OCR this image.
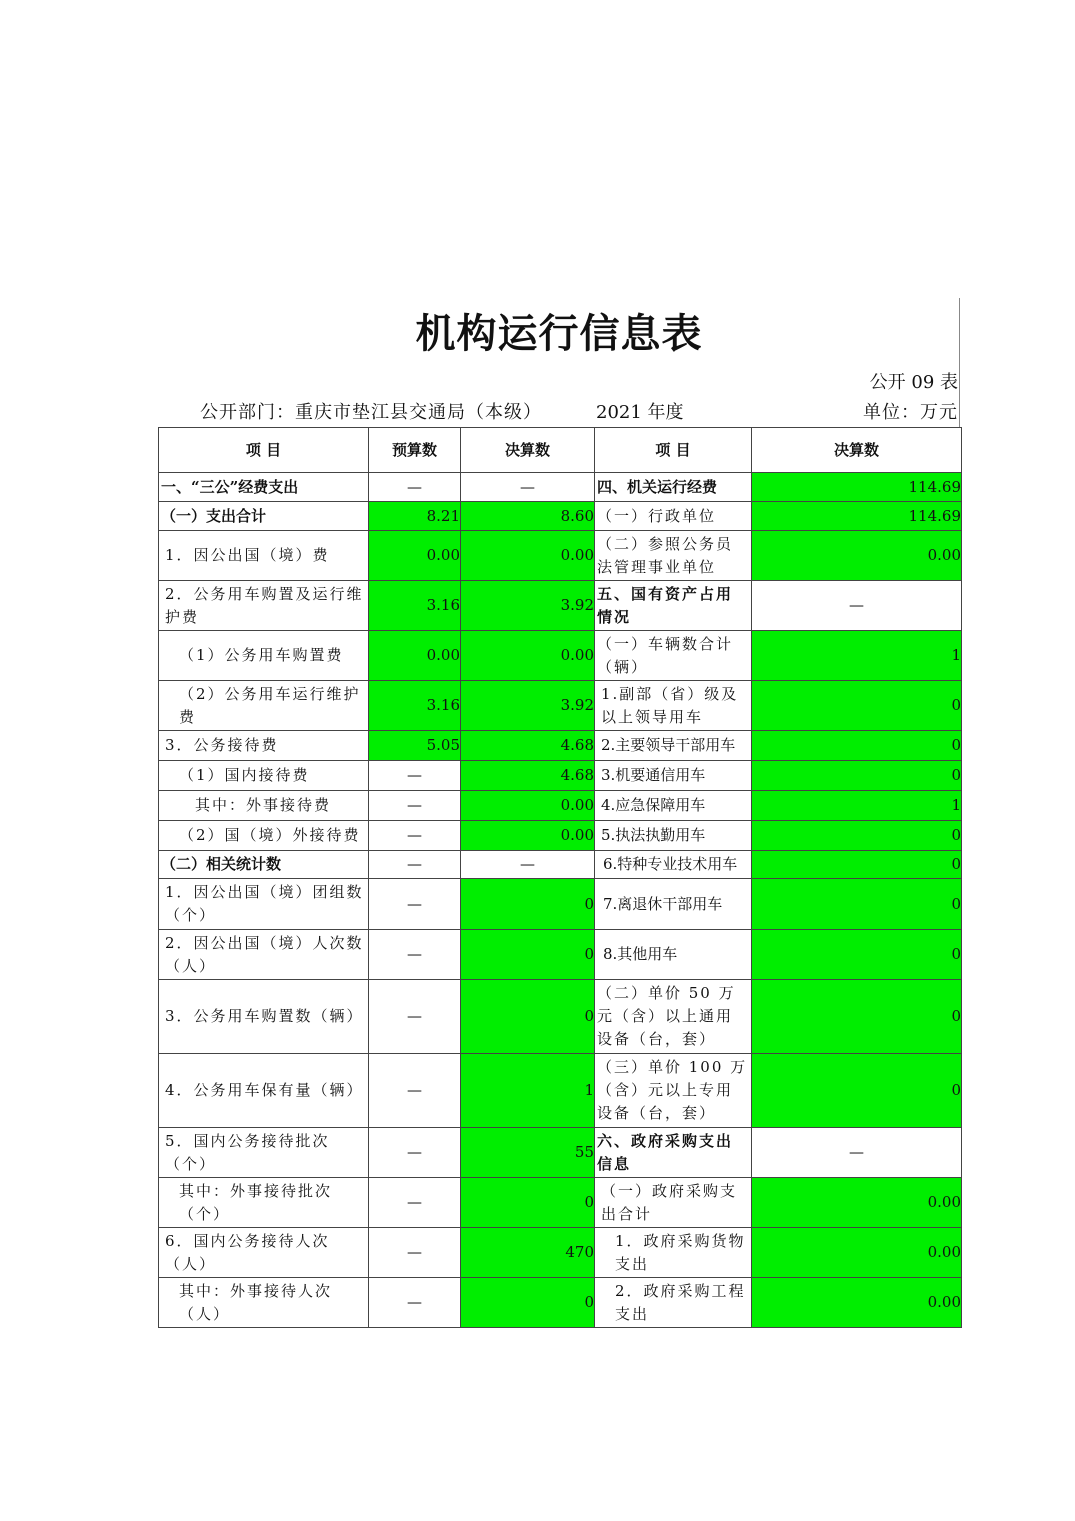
机构运行信息表
公开 09 表
公开部门：重庆市垫江县交通局（本级）	2021 年度	单位：万元
项 目	预算数	决算数	项 目	决算数
一、“三公”经费支出	—	—	四、机关运行经费	114.69
（一）支出合计	8.21	8.60	（一）行政单位	114.69
1．因公出国（境）费	0.00	0.00	（二）参照公务员法管理事业单位	0.00
2．公务用车购置及运行维护费	3.16	3.92	五、国有资产占用情况	—
（1）公务用车购置费	0.00	0.00	（一）车辆数合计（辆）	1
（2）公务用车运行维护费	3.16	3.92	1.副部（省）级及以上领导用车	0
3．公务接待费	5.05	4.68	2.主要领导干部用车	0
（1）国内接待费	—	4.68	3.机要通信用车	0
其中：外事接待费	—	0.00	4.应急保障用车	1
（2）国（境）外接待费	—	0.00	5.执法执勤用车	0
（二）相关统计数	—	—	6.特种专业技术用车	0
1．因公出国（境）团组数（个）	—	0	7.离退休干部用车	0
2．因公出国（境）人次数（人）	—	0	8.其他用车	0
3．公务用车购置数（辆）	—	0	（二）单价 50 万元（含）以上通用设备（台，套）	0
4．公务用车保有量（辆）	—	1	（三）单价 100 万（含）元以上专用设备（台，套）	0
5．国内公务接待批次（个）	—	55	六、政府采购支出信息	—
其中：外事接待批次（个）	—	0	（一）政府采购支出合计	0.00
6．国内公务接待人次（人）	—	470	1．政府采购货物支出	0.00
其中：外事接待人次（人）	—	0	2．政府采购工程支出	0.00
